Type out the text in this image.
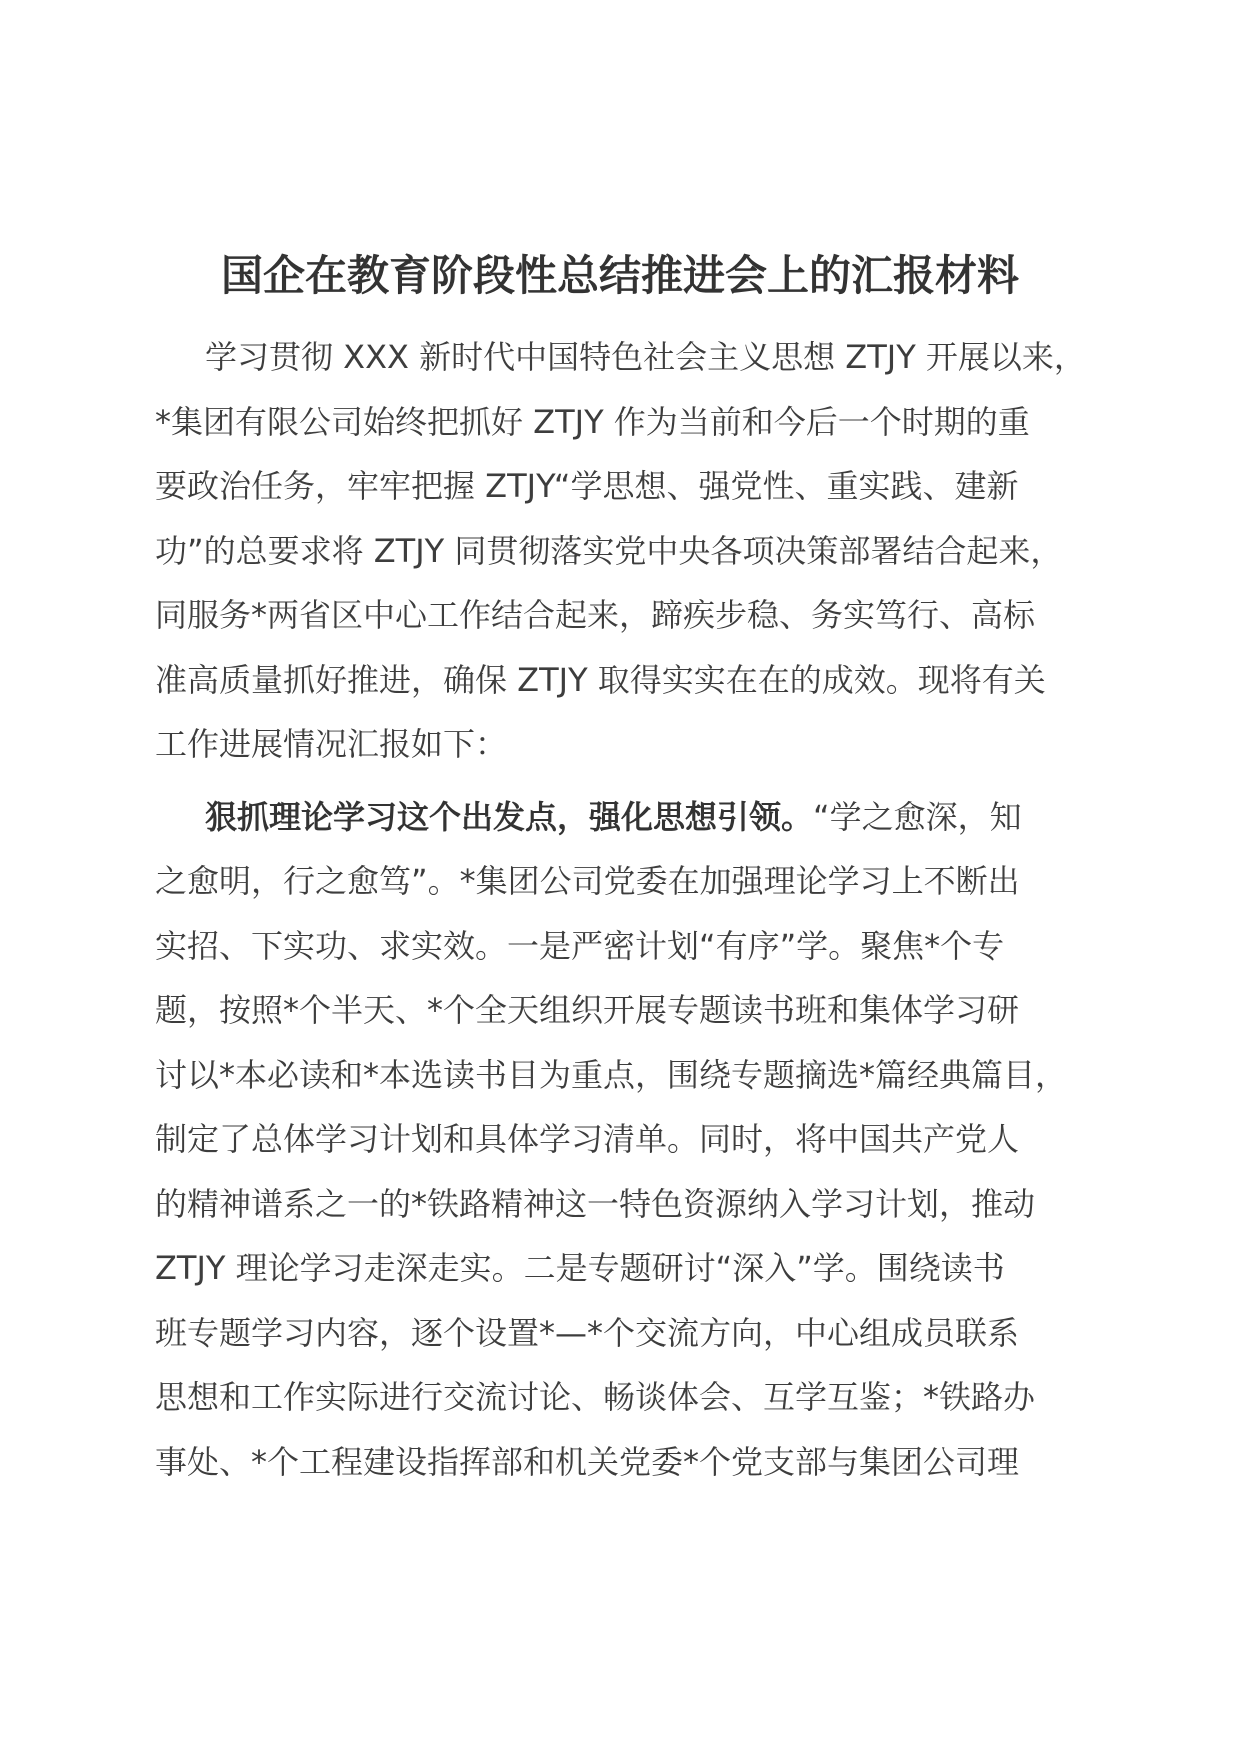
国企在教育阶段性总结推进会上的汇报材料
学习贯彻 XXX 新时代中国特色社会主义思想 ZTJY 开展以来，
*集团有限公司始终把抓好 ZTJY 作为当前和今后一个时期的重
要政治任务，牢牢把握 ZTJY“学思想、强党性、重实践、建新
功”的总要求将 ZTJY 同贯彻落实党中央各项决策部署结合起来，
同服务*两省区中心工作结合起来，蹄疾步稳、务实笃行、高标
准高质量抓好推进，确保 ZTJY 取得实实在在的成效。现将有关
工作进展情况汇报如下：
狠抓理论学习这个出发点，强化思想引领。“学之愈深，知
之愈明，行之愈笃”。*集团公司党委在加强理论学习上不断出
实招、下实功、求实效。一是严密计划“有序”学。聚焦*个专
题，按照*个半天、*个全天组织开展专题读书班和集体学习研
讨以*本必读和*本选读书目为重点，围绕专题摘选*篇经典篇目，
制定了总体学习计划和具体学习清单。同时，将中国共产党人
的精神谱系之一的*铁路精神这一特色资源纳入学习计划，推动
ZTJY 理论学习走深走实。二是专题研讨“深入”学。围绕读书
班专题学习内容，逐个设置*—*个交流方向，中心组成员联系
思想和工作实际进行交流讨论、畅谈体会、互学互鉴；*铁路办
事处、*个工程建设指挥部和机关党委*个党支部与集团公司理
